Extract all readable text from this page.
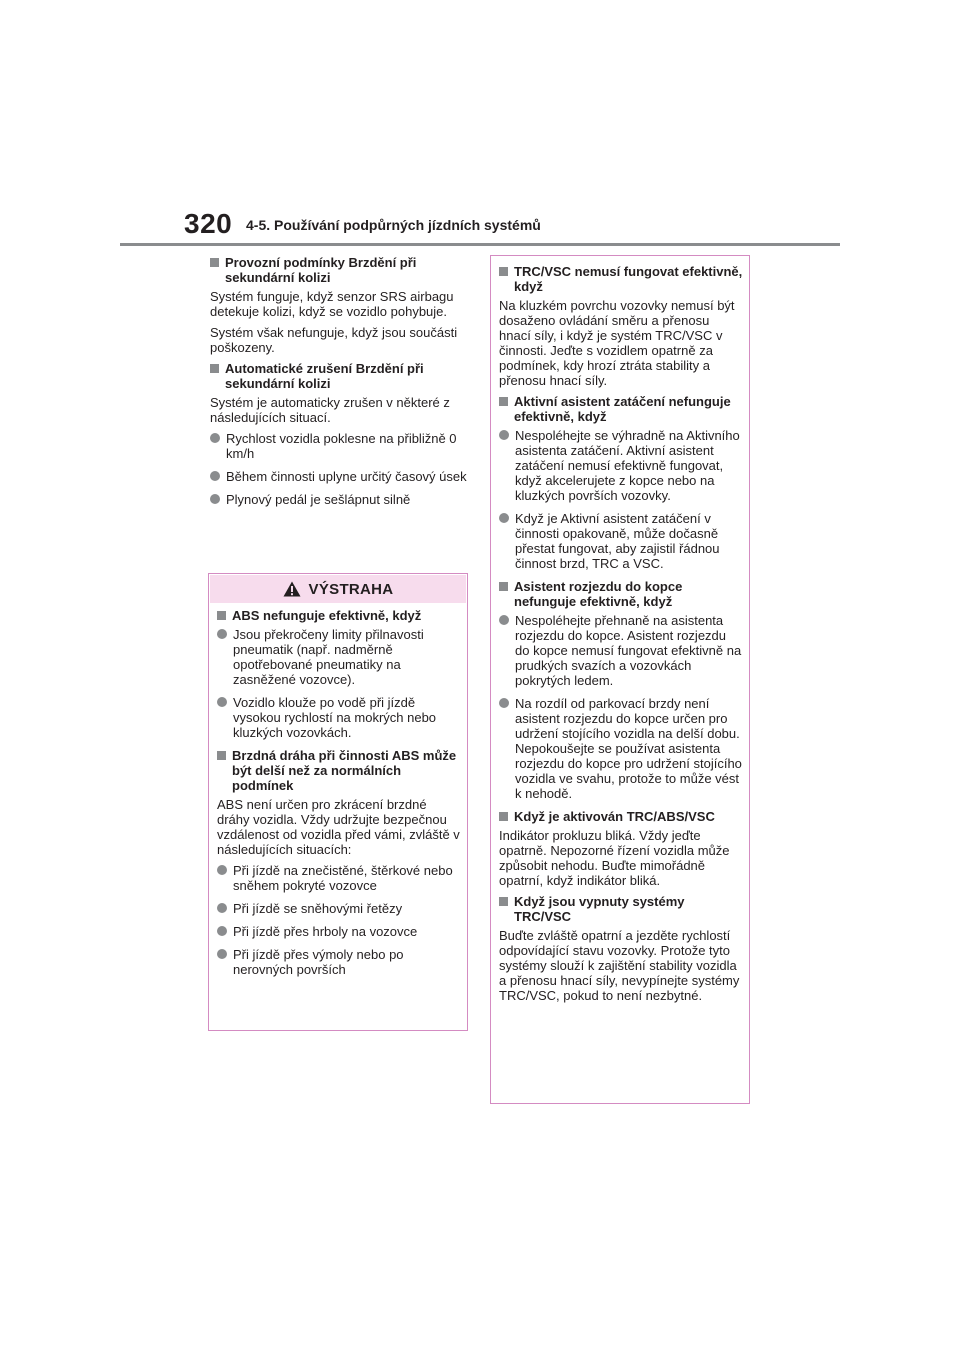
320 4-5. Používání podpůrných jízdních systémů
Provozní podmínky Brzdění při sekundární kolizi
Systém funguje, když senzor SRS airbagu detekuje kolizi, když se vozidlo pohybuje.
Systém však nefunguje, když jsou součásti poškozeny.
Automatické zrušení Brzdění při sekundární kolizi
Systém je automaticky zrušen v některé z následujících situací.
Rychlost vozidla poklesne na přibližně 0 km/h
Během činnosti uplyne určitý časový úsek
Plynový pedál je sešlápnut silně
VÝSTRAHA
ABS nefunguje efektivně, když
Jsou překročeny limity přilnavosti pneumatik (např. nadměrně opotřebované pneumatiky na zasněžené vozovce).
Vozidlo klouže po vodě při jízdě vysokou rychlostí na mokrých nebo kluzkých vozovkách.
Brzdná dráha při činnosti ABS může být delší než za normálních podmínek
ABS není určen pro zkrácení brzdné dráhy vozidla. Vždy udržujte bezpečnou vzdálenost od vozidla před vámi, zvláště v následujících situacích:
Při jízdě na znečistěné, štěrkové nebo sněhem pokryté vozovce
Při jízdě se sněhovými řetězy
Při jízdě přes hrboly na vozovce
Při jízdě přes výmoly nebo po nerovných površích
TRC/VSC nemusí fungovat efektivně, když
Na kluzkém povrchu vozovky nemusí být dosaženo ovládání směru a přenosu hnací síly, i když je systém TRC/VSC v činnosti. Jeďte s vozidlem opatrně za podmínek, kdy hrozí ztráta stability a přenosu hnací síly.
Aktivní asistent zatáčení nefunguje efektivně, když
Nespoléhejte se výhradně na Aktivního asistenta zatáčení. Aktivní asistent zatáčení nemusí efektivně fungovat, když akcelerujete z kopce nebo na kluzkých površích vozovky.
Když je Aktivní asistent zatáčení v činnosti opakovaně, může dočasně přestat fungovat, aby zajistil řádnou činnost brzd, TRC a VSC.
Asistent rozjezdu do kopce nefunguje efektivně, když
Nespoléhejte přehnaně na asistenta rozjezdu do kopce. Asistent rozjezdu do kopce nemusí fungovat efektivně na prudkých svazích a vozovkách pokrytých ledem.
Na rozdíl od parkovací brzdy není asistent rozjezdu do kopce určen pro udržení stojícího vozidla na delší dobu. Nepokoušejte se používat asistenta rozjezdu do kopce pro udržení stojícího vozidla ve svahu, protože to může vést k nehodě.
Když je aktivován TRC/ABS/VSC
Indikátor prokluzu bliká. Vždy jeďte opatrně. Nepozorné řízení vozidla může způsobit nehodu. Buďte mimořádně opatrní, když indikátor bliká.
Když jsou vypnuty systémy TRC/VSC
Buďte zvláště opatrní a jezděte rychlostí odpovídající stavu vozovky. Protože tyto systémy slouží k zajištění stability vozidla a přenosu hnací síly, nevypínejte systémy TRC/VSC, pokud to není nezbytné.
